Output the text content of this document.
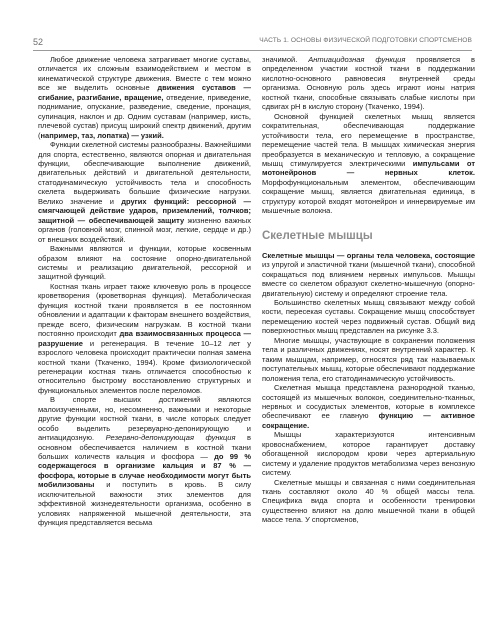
52	ЧАСТЬ 1. ОСНОВЫ ФИЗИЧЕСКОЙ ПОДГОТОВКИ СПОРТСМЕНОВ

Любое движение человека затрагивает многие суставы, отличается их сложным взаимодействием и местом в кинематической структуре движения. Вместе с тем можно все же выделить основные движения суставов — сгибание, разгибание, вращение, отведение, приведение, поднимание, опускание, разведение, сведение, пронация, супинация, наклон и др. Одним суставам (например, кисть, плечевой сустав) присущ широкий спектр движений, другим (например, таз, лопатка) — узкий.

Функции скелетной системы разнообразны. Важнейшими для спорта, естественно, являются опорная и двигательная функции, обеспечивающие выполнение движений, двигательных действий и двигательной деятельности, статодинамическую устойчивость тела и способность скелета выдерживать большие физические нагрузки. Велико значение и других функций: рессорной — смягчающей действие ударов, приземлений, толчков; защитной — обеспечивающей защиту жизненно важных органов (головной мозг, спинной мозг, легкие, сердце и др.) от внешних воздействий.

Важными являются и функции, которые косвенным образом влияют на состояние опорно-двигательной системы и реализацию двигательной, рессорной и защитной функций.

Костная ткань играет также ключевую роль в процессе кроветворения (кроветворная функция). Метаболическая функция костной ткани проявляется в ее постоянном обновлении и адаптации к факторам внешнего воздействия, прежде всего, физическим нагрузкам. В костной ткани постоянно происходит два взаимосвязанных процесса — разрушение и регенерация. В течение 10–12 лет у взрослого человека происходит практически полная замена костной ткани (Ткаченко, 1994). Кроме физиологической регенерации костная ткань отличается способностью к относительно быстрому восстановлению структурных и функциональных элементов после переломов.

В спорте высших достижений являются малоизученными, но, несомненно, важными и некоторые другие функции костной ткани, в числе которых следует особо выделить резервуарно-депонирующую и антиацидозную. Резервно-депонирующая функция в основном обеспечивается наличием в костной ткани больших количеств кальция и фосфора — до 99 % содержащегося в организме кальция и 87 % — фосфора, которые в случае необходимости могут быть мобилизованы и поступить в кровь. В силу исключительной важности этих элементов для эффективной жизнедеятельности организма, особенно в условиях напряженной мышечной деятельности, эта функция представляется весьма

значимой. Антиацидозная функция проявляется в определенном участии костной ткани в поддержании кислотно-основного равновесия внутренней среды организма. Основную роль здесь играют ионы натрия костной ткани, способные связывать слабые кислоты при сдвигах pH в кислую сторону (Ткаченко, 1994).

Основной функцией скелетных мышц является сократительная, обеспечивающая поддержание устойчивости тела, его перемещение в пространстве, перемещение частей тела. В мышцах химическая энергия преобразуется в механическую и тепловую, а сокращение мышц стимулируется электрическими импульсами от мотонейронов — нервных клеток. Морфофункциональным элементом, обеспечивающим сокращение мышц, является двигательная единица, в структуру которой входят мотонейрон и иннервируемые им мышечные волокна.

Скелетные мышцы

Скелетные мышцы — органы тела человека, состоящие из упругой и эластичной ткани (мышечной ткани), способной сокращаться под влиянием нервных импульсов. Мышцы вместе со скелетом образуют скелетно-мышечную (опорно-двигательную) систему и определяют строение тела.

Большинство скелетных мышц связывают между собой кости, пересекая суставы. Сокращение мышц способствует перемещению костей через подвижный сустав. Общий вид поверхностных мышц представлен на рисунке 3.3.

Многие мышцы, участвующие в сохранении положения тела и различных движениях, носят внутренний характер. К таким мышцам, например, относятся ряд так называемых поступательных мышц, которые обеспечивают поддержание положения тела, его статодинамическую устойчивость.

Скелетная мышца представлена разнородной тканью, состоящей из мышечных волокон, соединительно-тканных, нервных и сосудистых элементов, которые в комплексе обеспечивают ее главную функцию — активное сокращение.

Мышцы характеризуются интенсивным кровоснабжением, которое гарантирует доставку обогащенной кислородом крови через артериальную систему и удаление продуктов метаболизма через венозную систему.

Скелетные мышцы и связанная с ними соединительная ткань составляют около 40 % общей массы тела. Специфика вида спорта и особенности тренировки существенно влияют на долю мышечной ткани в общей массе тела. У спортсменов,
